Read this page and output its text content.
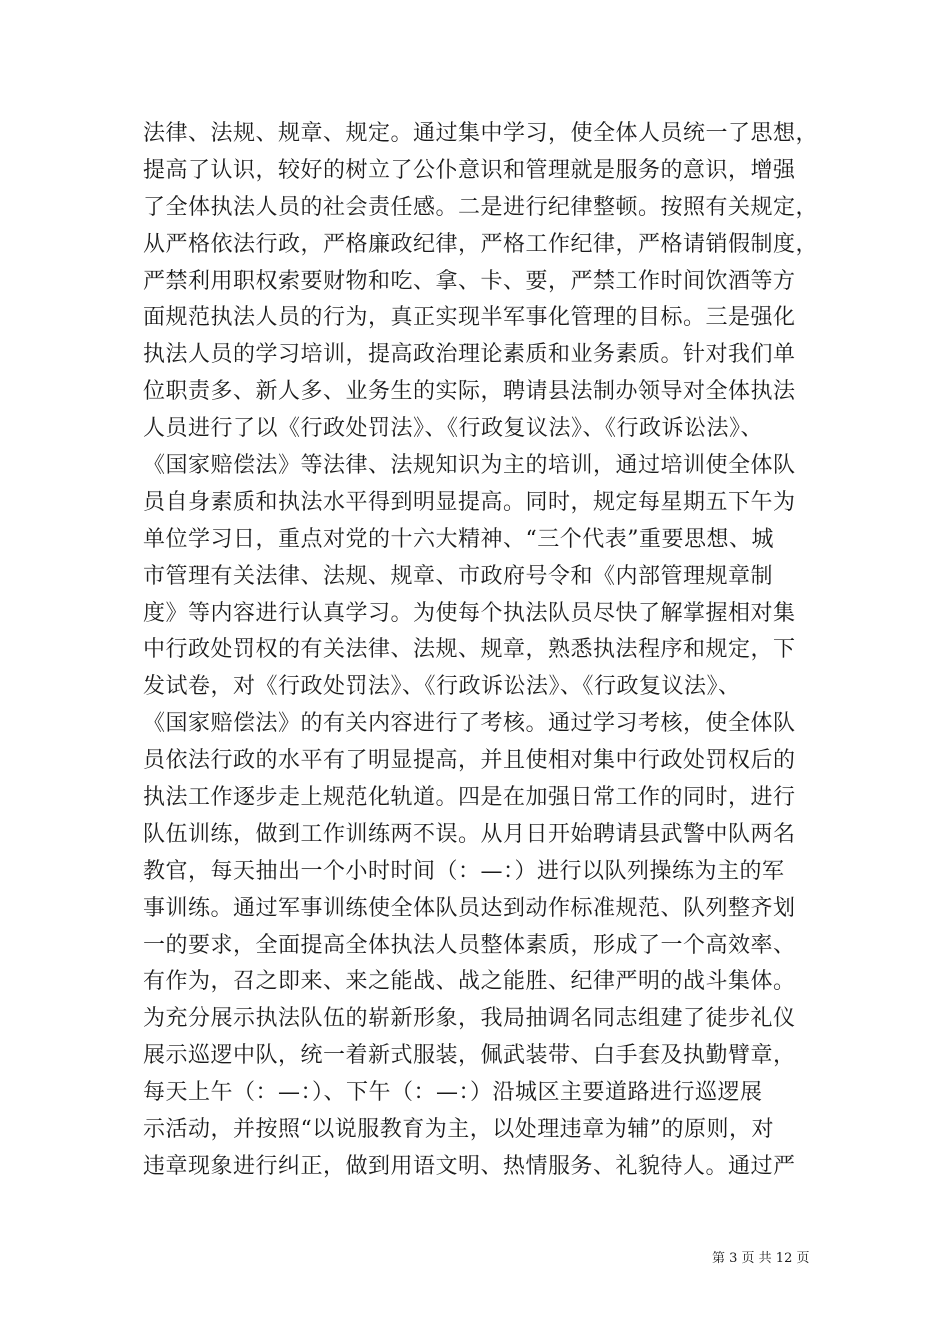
法律、法规、规章、规定。通过集中学习，使全体人员统一了思想，
提高了认识，较好的树立了公仆意识和管理就是服务的意识，增强
了全体执法人员的社会责任感。二是进行纪律整顿。按照有关规定，
从严格依法行政，严格廉政纪律，严格工作纪律，严格请销假制度，
严禁利用职权索要财物和吃、拿、卡、要，严禁工作时间饮酒等方
面规范执法人员的行为，真正实现半军事化管理的目标。三是强化
执法人员的学习培训，提高政治理论素质和业务素质。针对我们单
位职责多、新人多、业务生的实际，聘请县法制办领导对全体执法
人员进行了以《行政处罚法》、《行政复议法》、《行政诉讼法》、
《国家赔偿法》等法律、法规知识为主的培训，通过培训使全体队
员自身素质和执法水平得到明显提高。同时，规定每星期五下午为
单位学习日，重点对党的十六大精神、“三个代表”重要思想、城
市管理有关法律、法规、规章、市政府号令和《内部管理规章制
度》等内容进行认真学习。为使每个执法队员尽快了解掌握相对集
中行政处罚权的有关法律、法规、规章，熟悉执法程序和规定，下
发试卷，对《行政处罚法》、《行政诉讼法》、《行政复议法》、
《国家赔偿法》的有关内容进行了考核。通过学习考核，使全体队
员依法行政的水平有了明显提高，并且使相对集中行政处罚权后的
执法工作逐步走上规范化轨道。四是在加强日常工作的同时，进行
队伍训练，做到工作训练两不误。从月日开始聘请县武警中队两名
教官，每天抽出一个小时时间（：—：）进行以队列操练为主的军
事训练。通过军事训练使全体队员达到动作标准规范、队列整齐划
一的要求，全面提高全体执法人员整体素质，形成了一个高效率、
有作为，召之即来、来之能战、战之能胜、纪律严明的战斗集体。
为充分展示执法队伍的崭新形象，我局抽调名同志组建了徒步礼仪
展示巡逻中队，统一着新式服装，佩武装带、白手套及执勤臂章，
每天上午（：—：）、下午（：—：）沿城区主要道路进行巡逻展
示活动，并按照“以说服教育为主，以处理违章为辅”的原则，对
违章现象进行纠正，做到用语文明、热情服务、礼貌待人。通过严
第 3 页 共 12 页
